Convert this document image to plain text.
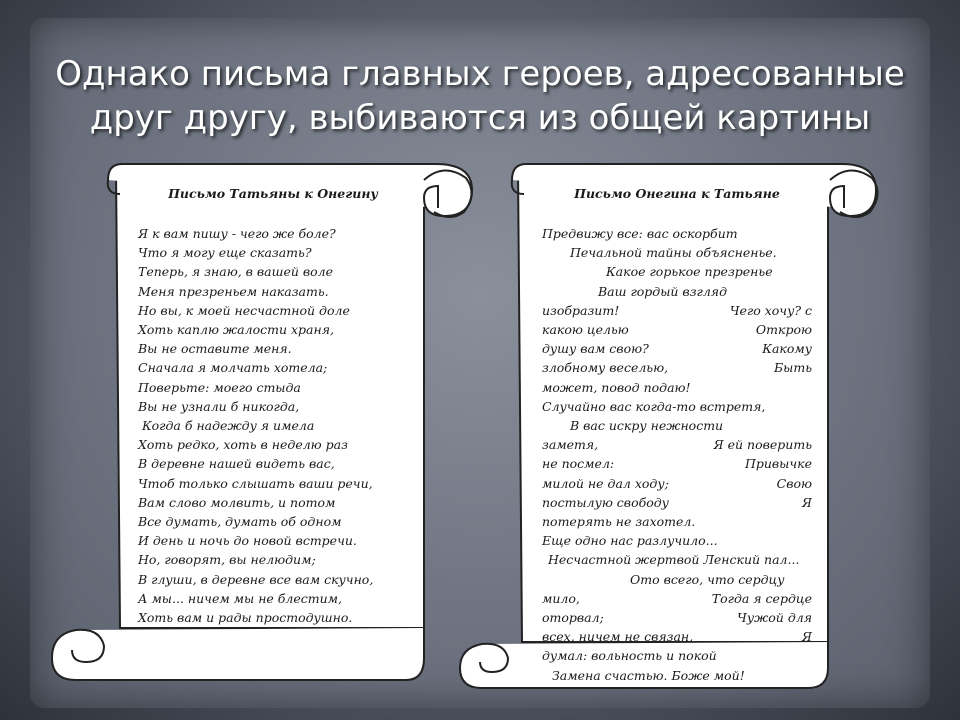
Однако письма главных героев, адресованные
друг другу, выбиваются из общей картины
Письмо Татьяны к Онегину
Я к вам пишу - чего же боле?
Что я могу еще сказать?
Теперь, я знаю, в вашей воле
Меня презреньем наказать.
Но вы, к моей несчастной доле
Хоть каплю жалости храня,
Вы не оставите меня.
Сначала я молчать хотела;
Поверьте: моего стыда
Вы не узнали б никогда,
Когда б надежду я имела
Хоть редко, хоть в неделю раз
В деревне нашей видеть вас,
Чтоб только слышать ваши речи,
Вам слово молвить, и потом
Все думать, думать об одном
И день и ночь до новой встречи.
Но, говорят, вы нелюдим;
В глуши, в деревне все вам скучно,
А мы... ничем мы не блестим,
Хоть вам и рады простодушно.
Письмо Онегина к Татьяне
Предвижу все: вас оскорбит
Печальной тайны объясненье.
Какое горькое презренье
Ваш гордый взгляд
изобразит!	Чего хочу? с
какою целью	Открою
душу вам свою?	Какому
злобному веселью,	Быть
может, повод подаю!
Случайно вас когда-то встретя,
В вас искру нежности
заметя,	Я ей поверить
не посмел:	Привычке
милой не дал ходу;	Свою
постылую свободу	Я
потерять не захотел.
Еще одно нас разлучило...
Несчастной жертвой Ленский пал...
Ото всего, что сердцу
мило,	Тогда я сердце
оторвал;	Чужой для
всех, ничем не связан,	Я
думал: вольность и покой
Замена счастью. Боже мой!
